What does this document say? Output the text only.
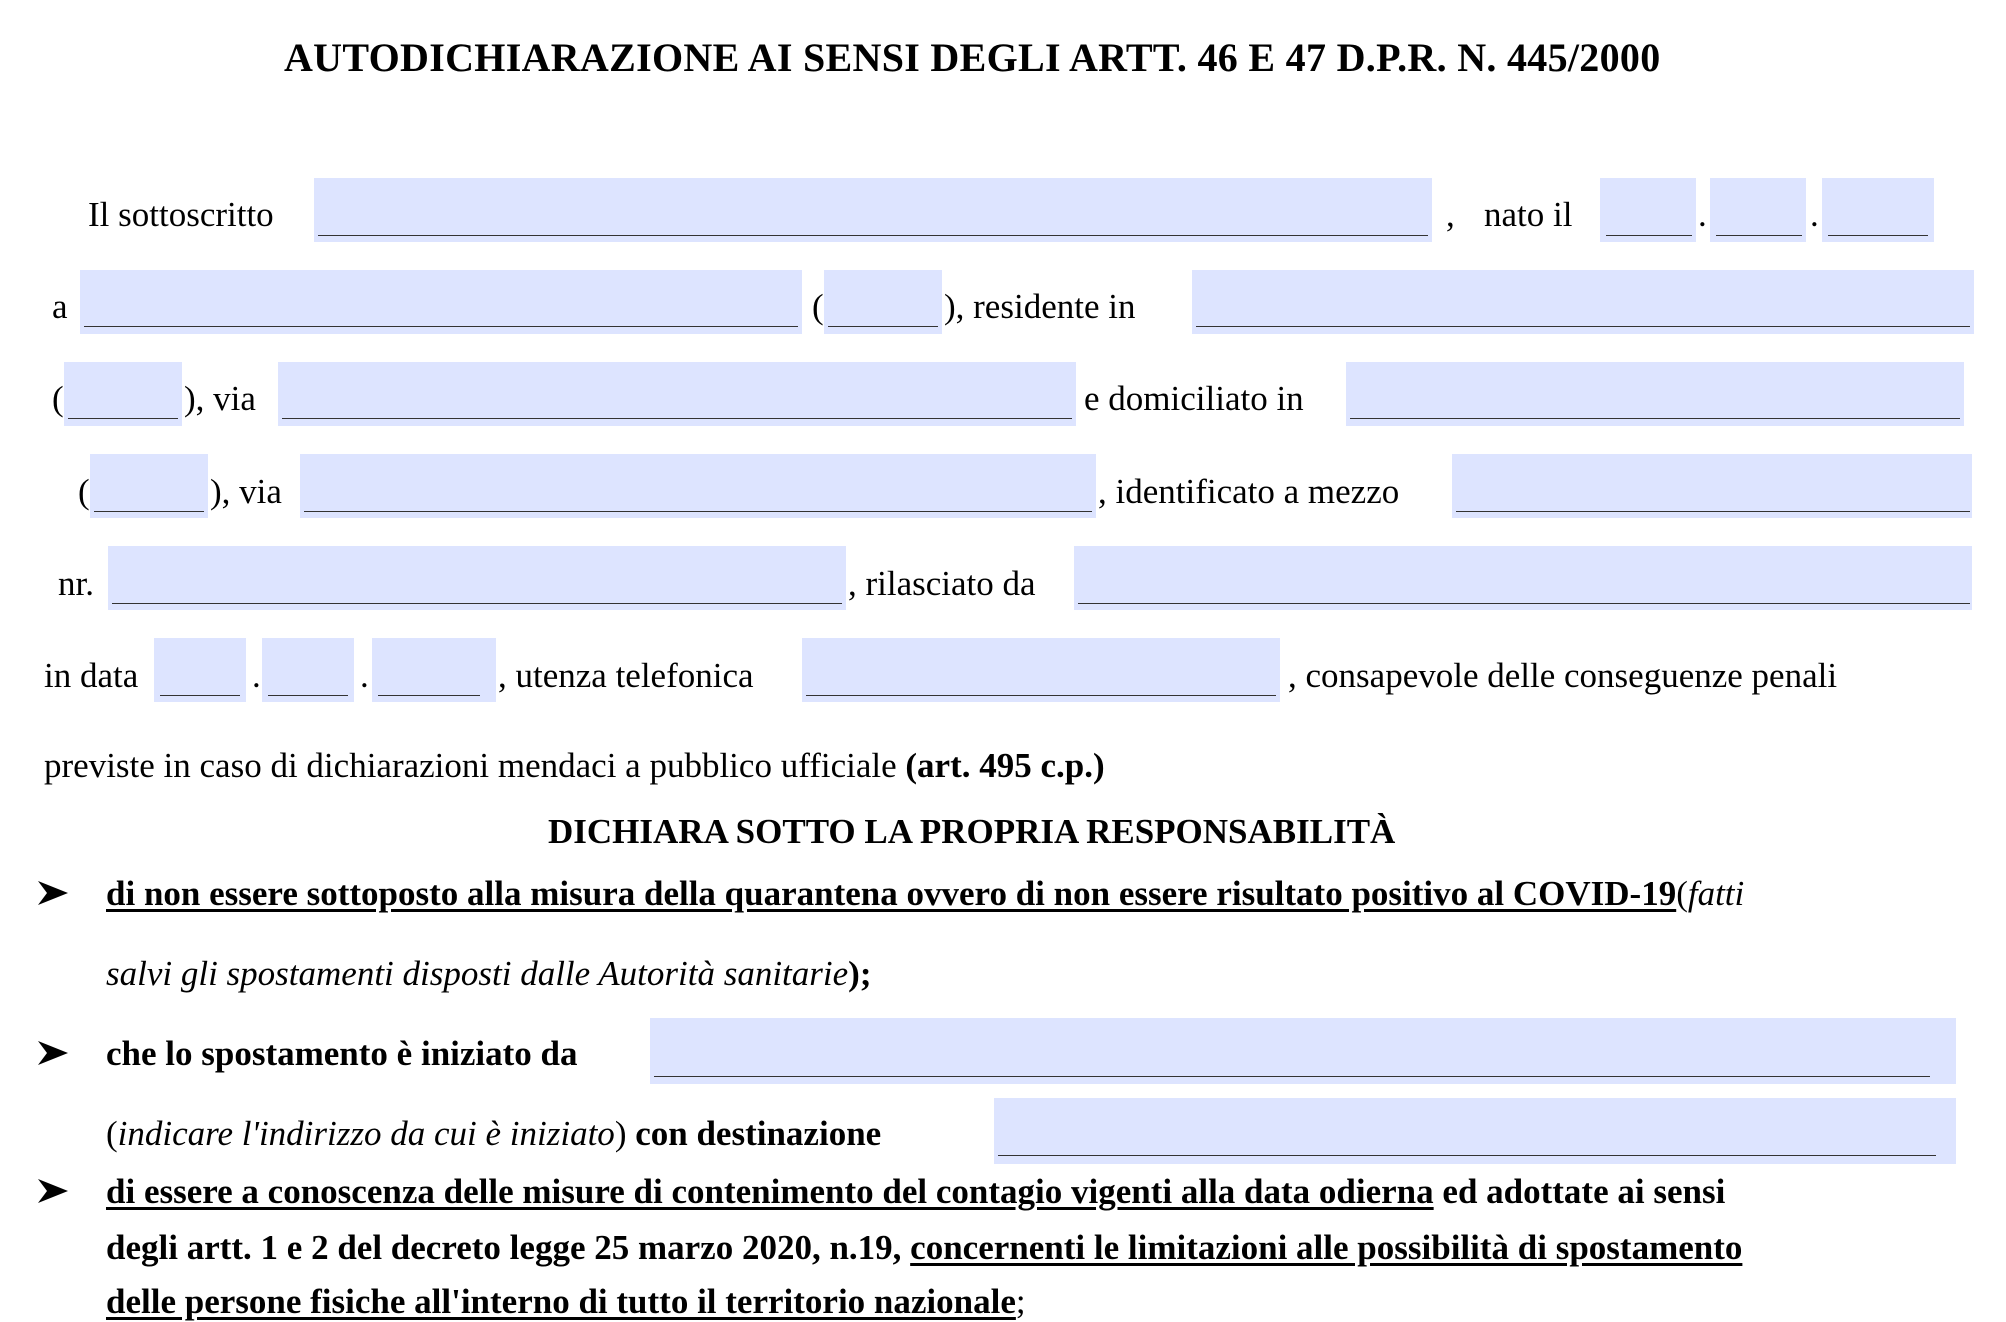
AUTODICHIARAZIONE AI SENSI DEGLI ARTT. 46 E 47 D.P.R. N. 445/2000
Il sottoscritto	, nato il	.	.
a	(	), residente in
(	), via	e domiciliato in
(	), via	, identificato a mezzo
nr.	, rilasciato da
in data	.	.	, utenza telefonica	, consapevole delle conseguenze penali
previste in caso di dichiarazioni mendaci a pubblico ufficiale (art. 495 c.p.)
DICHIARA SOTTO LA PROPRIA RESPONSABILITÀ
di non essere sottoposto alla misura della quarantena ovvero di non essere risultato positivo al COVID-19(fatti
salvi gli spostamenti disposti dalle Autorità sanitarie);
che lo spostamento è iniziato da
(indicare l'indirizzo da cui è iniziato) con destinazione
di essere a conoscenza delle misure di contenimento del contagio vigenti alla data odierna ed adottate ai sensi
degli artt. 1 e 2 del decreto legge 25 marzo 2020, n.19, concernenti le limitazioni alle possibilità di spostamento
delle persone fisiche all'interno di tutto il territorio nazionale;
